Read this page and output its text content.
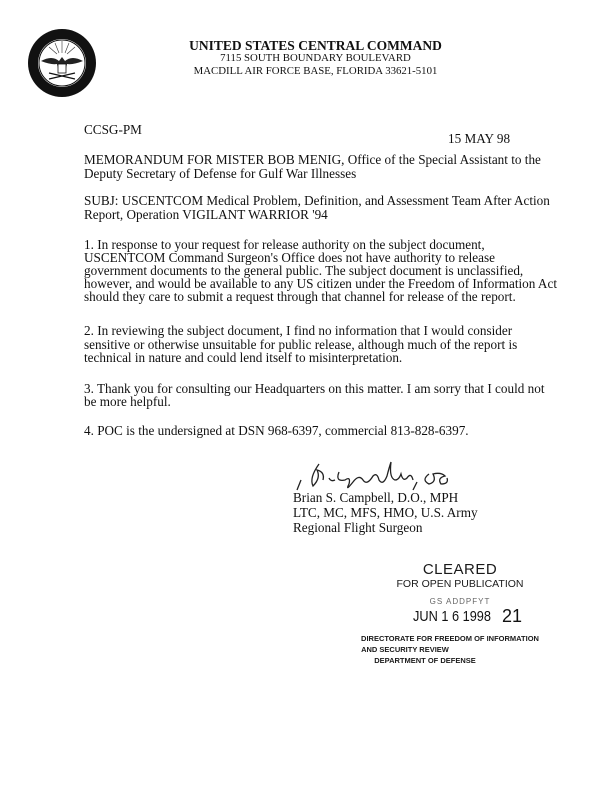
UNITED STATES CENTRAL COMMAND
7115 SOUTH BOUNDARY BOULEVARD
MACDILL AIR FORCE BASE, FLORIDA 33621-5101
CCSG-PM
15 MAY 98
MEMORANDUM FOR MISTER BOB MENIG, Office of the Special Assistant to the
Deputy Secretary of Defense for Gulf War Illnesses
SUBJ: USCENTCOM Medical Problem, Definition, and Assessment Team After Action
Report, Operation VIGILANT WARRIOR '94
1. In response to your request for release authority on the subject document,
USCENTCOM Command Surgeon's Office does not have authority to release
government documents to the general public. The subject document is unclassified,
however, and would be available to any US citizen under the Freedom of Information Act
should they care to submit a request through that channel for release of the report.
2. In reviewing the subject document, I find no information that I would consider
sensitive or otherwise unsuitable for public release, although much of the report is
technical in nature and could lend itself to misinterpretation.
3. Thank you for consulting our Headquarters on this matter. I am sorry that I could not
be more helpful.
4. POC is the undersigned at DSN 968-6397, commercial 813-828-6397.
Brian S. Campbell, D.O., MPH
LTC, MC, MFS, HMO, U.S. Army
Regional Flight Surgeon
CLEARED
FOR OPEN PUBLICATION
GS ADDPFYT
JUN 1 6 1998 21
DIRECTORATE FOR FREEDOM OF INFORMATION
AND SECURITY REVIEW
DEPARTMENT OF DEFENSE
